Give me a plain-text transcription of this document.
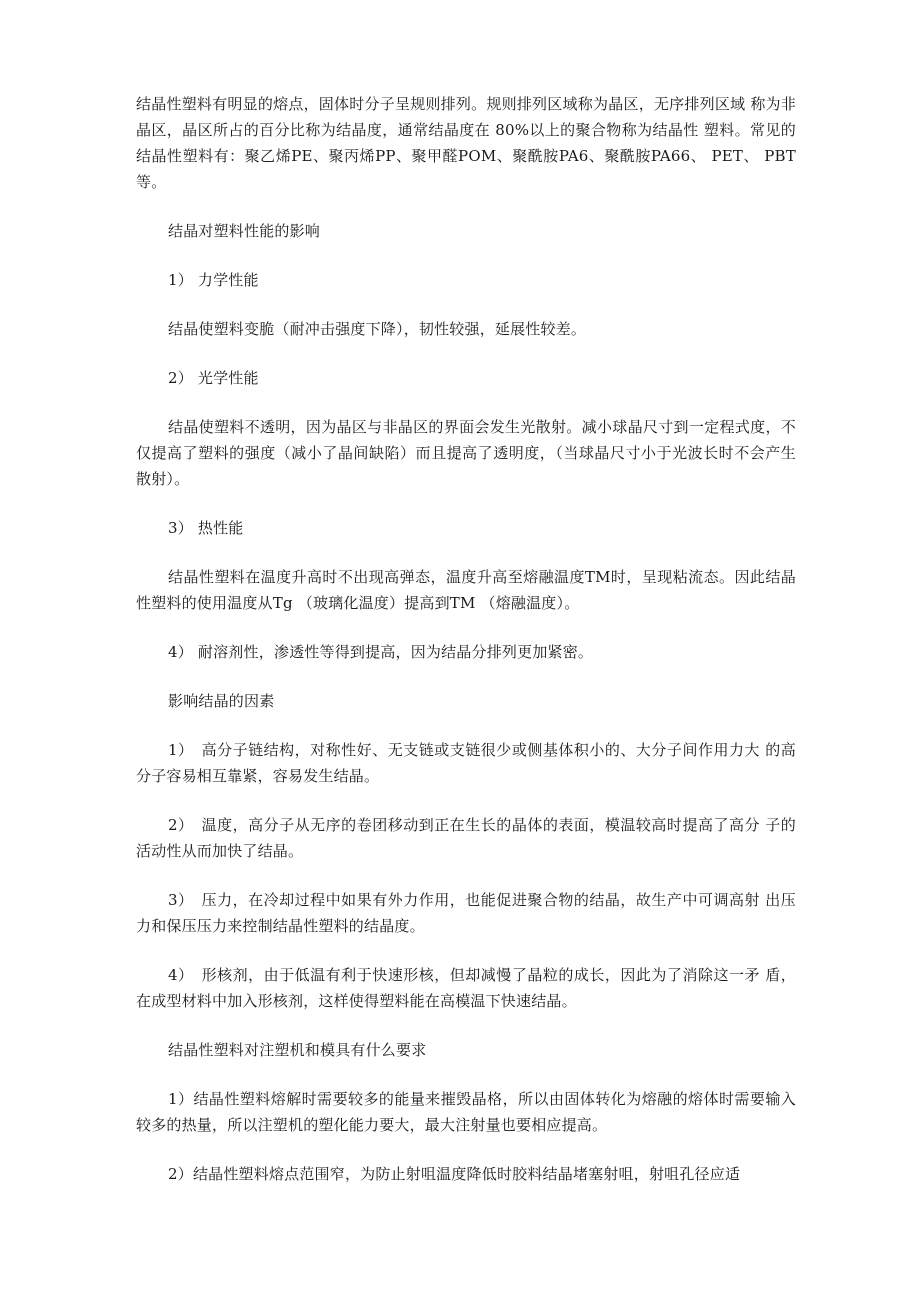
结晶性塑料有明显的熔点，固体时分子呈规则排列。规则排列区域称为晶区，无序排列区域 称为非晶区，晶区所占的百分比称为结晶度，通常结晶度在 80%以上的聚合物称为结晶性 塑料。常见的结晶性塑料有：聚乙烯PE、聚丙烯PP、聚甲醛POM、聚酰胺PA6、聚酰胺PA66、 PET、 PBT 等。

结晶对塑料性能的影响

1） 力学性能

结晶使塑料变脆（耐冲击强度下降），韧性较强，延展性较差。

2） 光学性能

结晶使塑料不透明，因为晶区与非晶区的界面会发生光散射。减小球晶尺寸到一定程式度，不仅提高了塑料的强度（减小了晶间缺陷）而且提高了透明度，（当球晶尺寸小于光波长时不会产生散射）。

3） 热性能

结晶性塑料在温度升高时不出现高弹态，温度升高至熔融温度TM时，呈现粘流态。因此结晶性塑料的使用温度从Tg （玻璃化温度）提高到TM （熔融温度）。

4） 耐溶剂性，渗透性等得到提高，因为结晶分排列更加紧密。

影响结晶的因素

1）　高分子链结构，对称性好、无支链或支链很少或侧基体积小的、大分子间作用力大 的高分子容易相互靠紧，容易发生结晶。

2）　温度，高分子从无序的卷团移动到正在生长的晶体的表面，模温较高时提高了高分 子的活动性从而加快了结晶。

3）　压力，在冷却过程中如果有外力作用，也能促进聚合物的结晶，故生产中可调高射 出压力和保压压力来控制结晶性塑料的结晶度。

4）　形核剂，由于低温有利于快速形核，但却减慢了晶粒的成长，因此为了消除这一矛 盾，在成型材料中加入形核剂，这样使得塑料能在高模温下快速结晶。

结晶性塑料对注塑机和模具有什么要求

1）结晶性塑料熔解时需要较多的能量来摧毁晶格，所以由固体转化为熔融的熔体时需要输入较多的热量，所以注塑机的塑化能力要大，最大注射量也要相应提高。

2）结晶性塑料熔点范围窄，为防止射咀温度降低时胶料结晶堵塞射咀，射咀孔径应适
